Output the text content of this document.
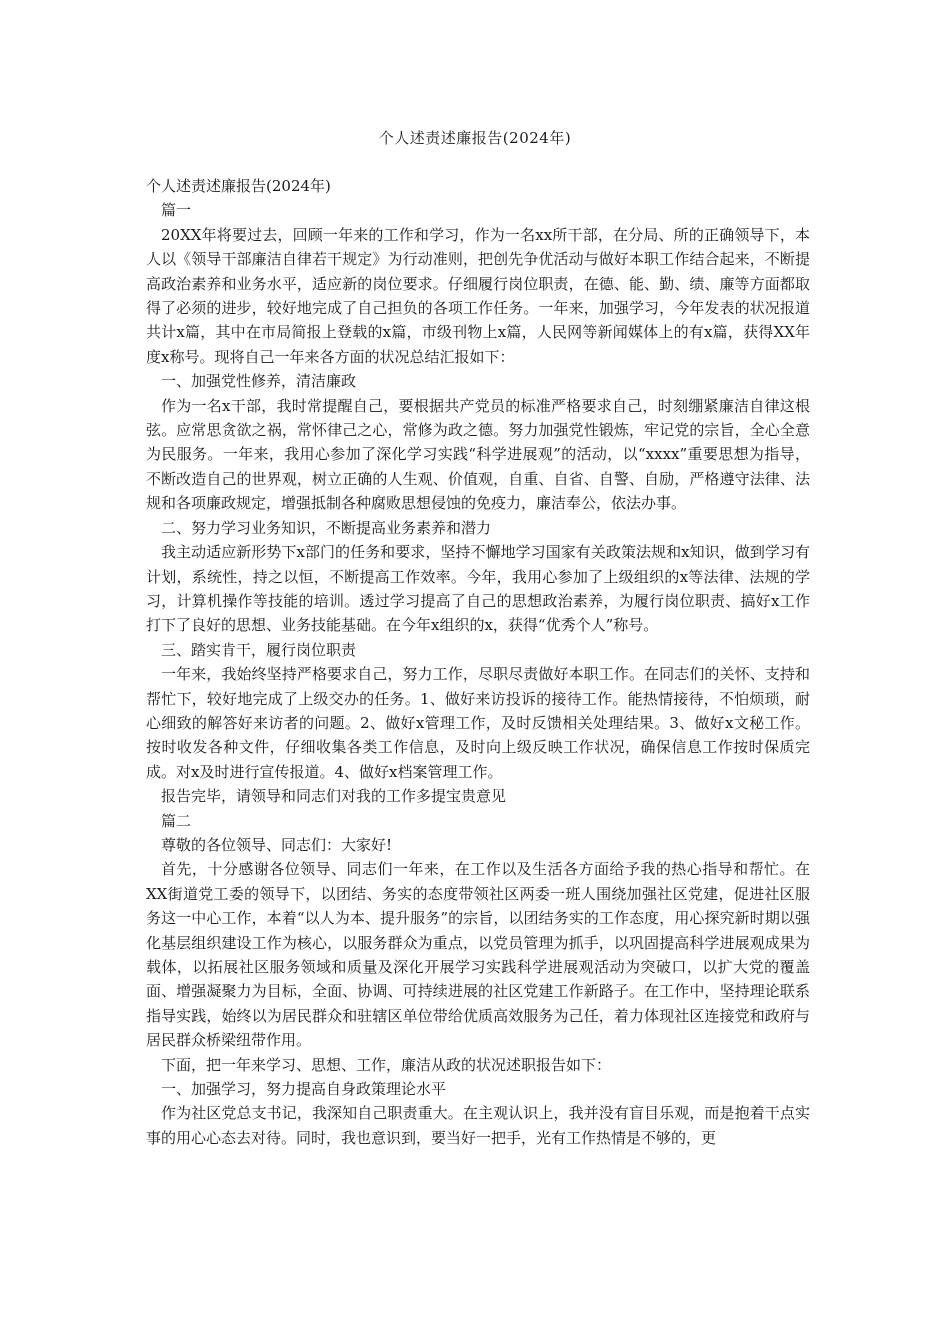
个人述责述廉报告(2024年)

个人述责述廉报告(2024年)

篇一

20XX年将要过去，回顾一年来的工作和学习，作为一名xx所干部，在分局、所的正确领导下，本人以《领导干部廉洁自律若干规定》为行动准则，把创先争优活动与做好本职工作结合起来，不断提高政治素养和业务水平，适应新的岗位要求。仔细履行岗位职责，在德、能、勤、绩、廉等方面都取得了必须的进步，较好地完成了自己担负的各项工作任务。一年来，加强学习，今年发表的状况报道共计x篇，其中在市局简报上登载的x篇，市级刊物上x篇，人民网等新闻媒体上的有x篇，获得XX年度x称号。现将自己一年来各方面的状况总结汇报如下：

一、加强党性修养，清洁廉政

作为一名x干部，我时常提醒自己，要根据共产党员的标准严格要求自己，时刻绷紧廉洁自律这根弦。应常思贪欲之祸，常怀律己之心，常修为政之德。努力加强党性锻炼，牢记党的宗旨，全心全意为民服务。一年来，我用心参加了深化学习实践“科学进展观”的活动，以“xxxx”重要思想为指导，不断改造自己的世界观，树立正确的人生观、价值观，自重、自省、自警、自励，严格遵守法律、法规和各项廉政规定，增强抵制各种腐败思想侵蚀的免疫力，廉洁奉公，依法办事。

二、努力学习业务知识，不断提高业务素养和潜力

我主动适应新形势下x部门的任务和要求，坚持不懈地学习国家有关政策法规和x知识，做到学习有计划，系统性，持之以恒，不断提高工作效率。今年，我用心参加了上级组织的x等法律、法规的学习，计算机操作等技能的培训。透过学习提高了自己的思想政治素养，为履行岗位职责、搞好x工作打下了良好的思想、业务技能基础。在今年x组织的x，获得“优秀个人”称号。

三、踏实肯干，履行岗位职责

一年来，我始终坚持严格要求自己，努力工作，尽职尽责做好本职工作。在同志们的关怀、支持和帮忙下，较好地完成了上级交办的任务。1、做好来访投诉的接待工作。能热情接待，不怕烦琐，耐心细致的解答好来访者的问题。2、做好x管理工作，及时反馈相关处理结果。3、做好x文秘工作。按时收发各种文件，仔细收集各类工作信息，及时向上级反映工作状况，确保信息工作按时保质完成。对x及时进行宣传报道。4、做好x档案管理工作。

报告完毕，请领导和同志们对我的工作多提宝贵意见

篇二

尊敬的各位领导、同志们：大家好!

首先，十分感谢各位领导、同志们一年来，在工作以及生活各方面给予我的热心指导和帮忙。在XX街道党工委的领导下，以团结、务实的态度带领社区两委一班人围绕加强社区党建，促进社区服务这一中心工作，本着“以人为本、提升服务”的宗旨，以团结务实的工作态度，用心探究新时期以强化基层组织建设工作为核心，以服务群众为重点，以党员管理为抓手，以巩固提高科学进展观成果为载体，以拓展社区服务领域和质量及深化开展学习实践科学进展观活动为突破口，以扩大党的覆盖面、增强凝聚力为目标，全面、协调、可持续进展的社区党建工作新路子。在工作中，坚持理论联系指导实践，始终以为居民群众和驻辖区单位带给优质高效服务为己任，着力体现社区连接党和政府与居民群众桥梁纽带作用。

下面，把一年来学习、思想、工作，廉洁从政的状况述职报告如下：

一、加强学习，努力提高自身政策理论水平

作为社区党总支书记，我深知自己职责重大。在主观认识上，我并没有盲目乐观，而是抱着干点实事的用心心态去对待。同时，我也意识到，要当好一把手，光有工作热情是不够的，更
